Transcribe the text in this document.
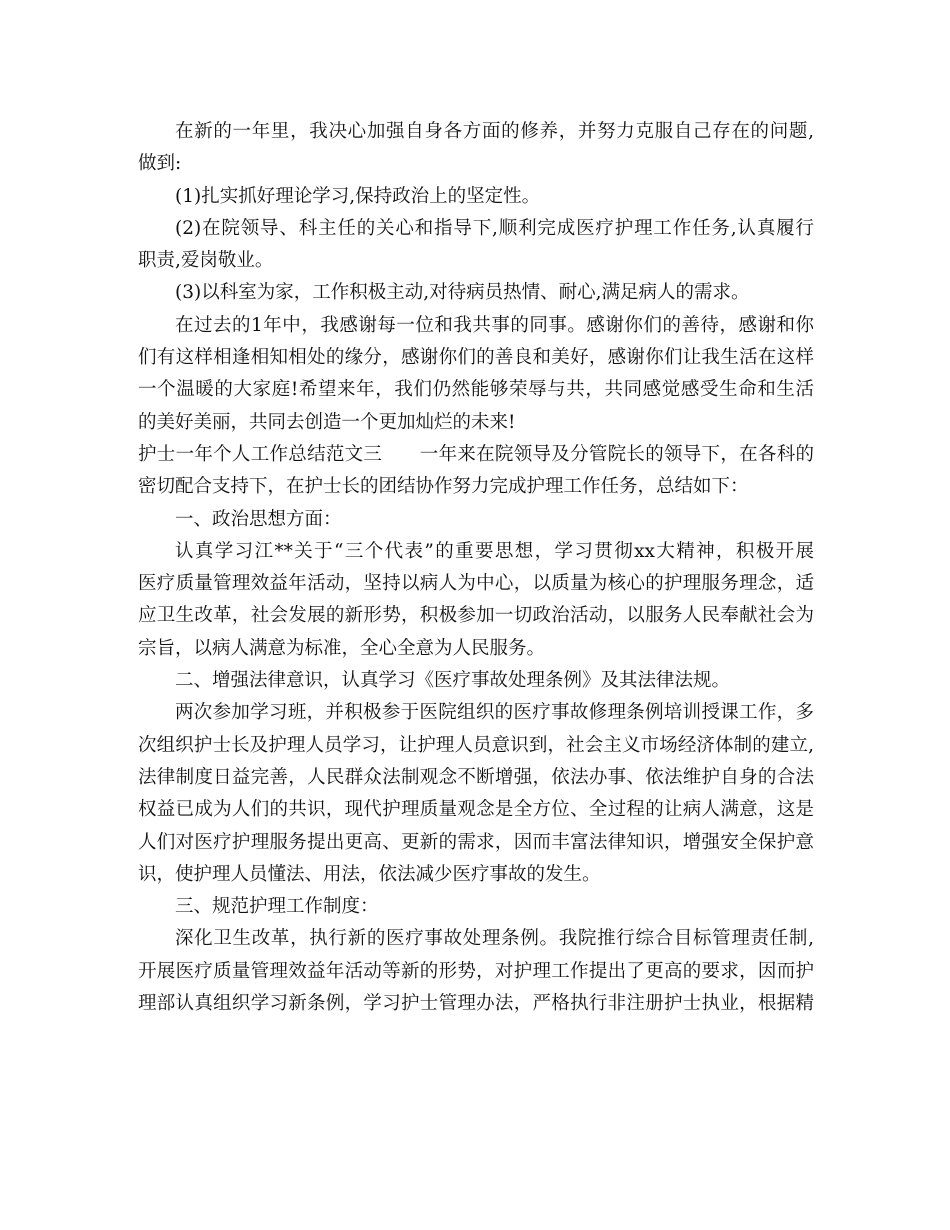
在新的一年里，我决心加强自身各方面的修养，并努力克服自己存在的问题,
做到:
(1)扎实抓好理论学习,保持政治上的坚定性。
(2)在院领导、科主任的关心和指导下,顺利完成医疗护理工作任务,认真履行
职责,爱岗敬业。
(3)以科室为家，工作积极主动,对待病员热情、耐心,满足病人的需求。
在过去的1年中，我感谢每一位和我共事的同事。感谢你们的善待，感谢和你
们有这样相逢相知相处的缘分，感谢你们的善良和美好，感谢你们让我生活在这样
一个温暖的大家庭!希望来年，我们仍然能够荣辱与共，共同感觉感受生命和生活
的美好美丽，共同去创造一个更加灿烂的未来!
护士一年个人工作总结范文三　　一年来在院领导及分管院长的领导下，在各科的
密切配合支持下，在护士长的团结协作努力完成护理工作任务，总结如下：
一、政治思想方面：
认真学习江**关于“三个代表”的重要思想，学习贯彻xx大精神，积极开展
医疗质量管理效益年活动，坚持以病人为中心，以质量为核心的护理服务理念，适
应卫生改革，社会发展的新形势，积极参加一切政治活动，以服务人民奉献社会为
宗旨，以病人满意为标准，全心全意为人民服务。
二、增强法律意识，认真学习《医疗事故处理条例》及其法律法规。
两次参加学习班，并积极参于医院组织的医疗事故修理条例培训授课工作，多
次组织护士长及护理人员学习，让护理人员意识到，社会主义市场经济体制的建立,
法律制度日益完善，人民群众法制观念不断增强，依法办事、依法维护自身的合法
权益已成为人们的共识，现代护理质量观念是全方位、全过程的让病人满意，这是
人们对医疗护理服务提出更高、更新的需求，因而丰富法律知识，增强安全保护意
识，使护理人员懂法、用法，依法减少医疗事故的发生。
三、规范护理工作制度：
深化卫生改革，执行新的医疗事故处理条例。我院推行综合目标管理责任制,
开展医疗质量管理效益年活动等新的形势，对护理工作提出了更高的要求，因而护
理部认真组织学习新条例，学习护士管理办法，严格执行非注册护士执业，根据精
